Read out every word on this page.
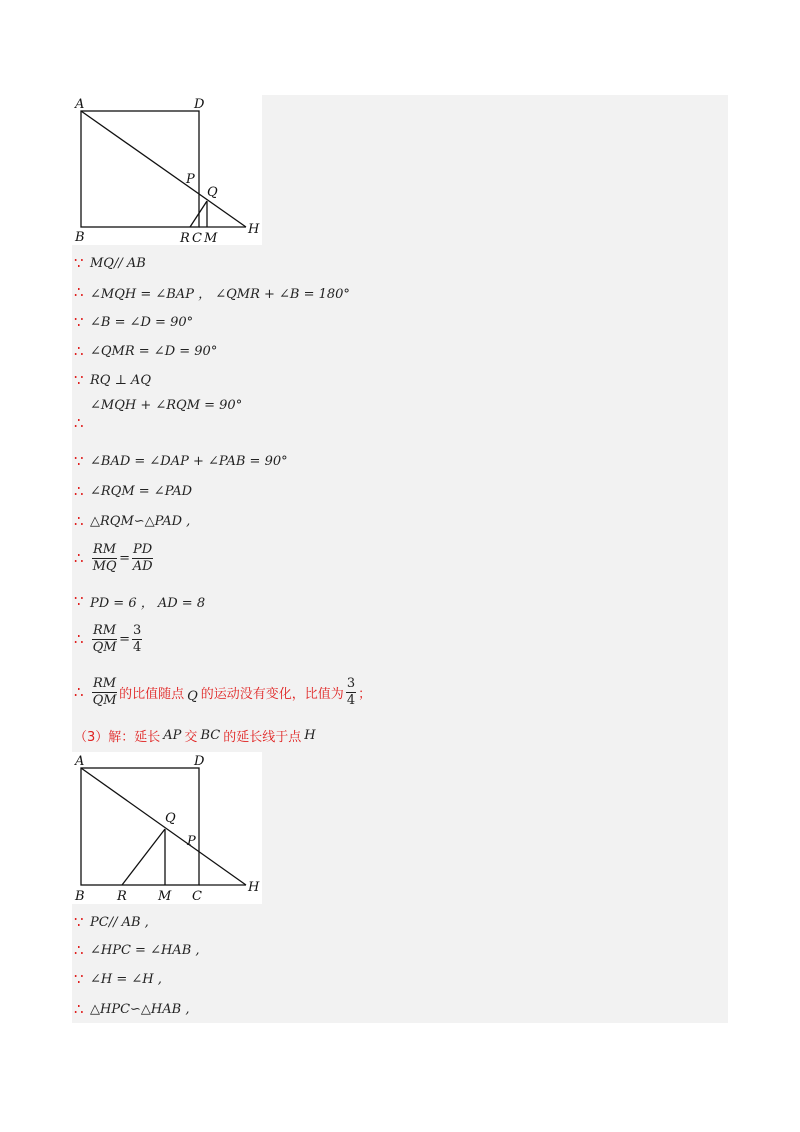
A	D
B
P
Q
H
R C M
∵ MQ// AB
∴ ∠MQH = ∠BAP ， ∠QMR + ∠B = 180°
∵ ∠B = ∠D = 90°
∴ ∠QMR = ∠D = 90°
∵ RQ ⊥ AQ
∴
∠MQH + ∠RQM = 90°
∵ ∠BAD = ∠DAP + ∠PAB = 90°
∴ ∠RQM = ∠PAD
∴ △RQM∽△PAD ,
∴ $\frac{RM}{MQ} = \frac{PD}{AD}$
∵ PD = 6 ， AD = 8
∴ $\frac{RM}{QM} = \frac{3}{4}$
∴ $\frac{RM}{QM}$ 的比值随点 Q 的运动没有变化，比值为 $\frac{3}{4}$ ；
（3）解：延长 AP 交 BC 的延长线于点 H
A	D
B
Q
P
R M C
H
∵ PC// AB ,
∴ ∠HPC = ∠HAB ,
∵ ∠H = ∠H ,
∴ △HPC∽△HAB ,
